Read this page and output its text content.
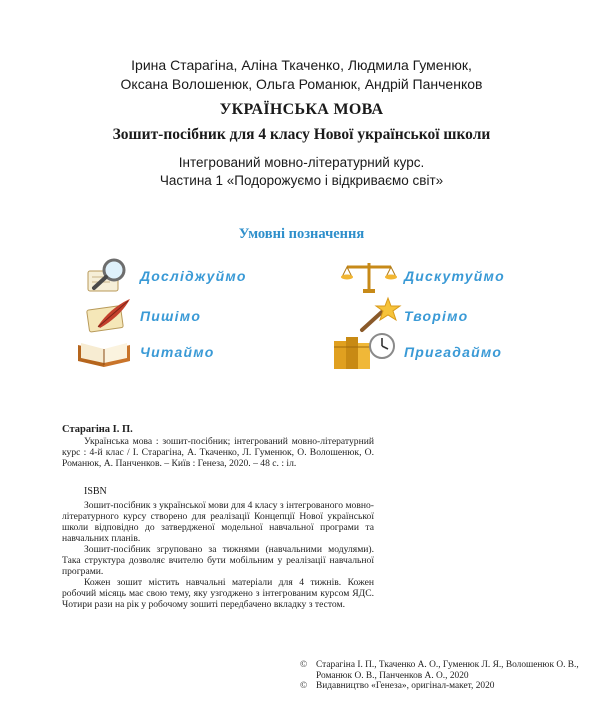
Ірина Старагіна, Аліна Ткаченко, Людмила Гуменюк,
Оксана Волошенюк, Ольга Романюк, Андрій Панченков
УКРАЇНСЬКА МОВА
Зошит-посібник для 4 класу Нової української школи
Інтегрований мовно-літературний курс.
Частина 1 «Подорожуємо і відкриваємо світ»
Умовні позначення
Досліджуймо	Дискутуймо
Пишімо	Творімо
Читаймо	Пригадаймо
Старагіна І. П.
Українська мова : зошит-посібник; інтегрований мовно-літературний курс : 4-й клас / І. Старагіна, А. Ткаченко, Л. Гуменюк, О. Волошенюк, О. Романюк, А. Панченков. – Київ : Генеза, 2020. – 48 с. : іл.
ISBN
Зошит-посібник з української мови для 4 класу з інтегрованого мовно-літературного курсу створено для реалізації Концепції Нової української школи відповідно до затвердженої модельної навчальної програми та навчальних планів.
Зошит-посібник згруповано за тижнями (навчальними модулями). Така структура дозволяє вчителю бути мобільним у реалізації навчальної програми.
Кожен зошит містить навчальні матеріали для 4 тижнів. Кожен робочий місяць має свою тему, яку узгоджено з інтегрованим курсом ЯДС. Чотири рази на рік у робочому зошиті передбачено вкладку з тестом.
© Старагіна І. П., Ткаченко А. О., Гуменюк Л. Я., Волошенюк О. В., Романюк О. В., Панченков А. О., 2020
© Видавництво «Генеза», оригінал-макет, 2020
